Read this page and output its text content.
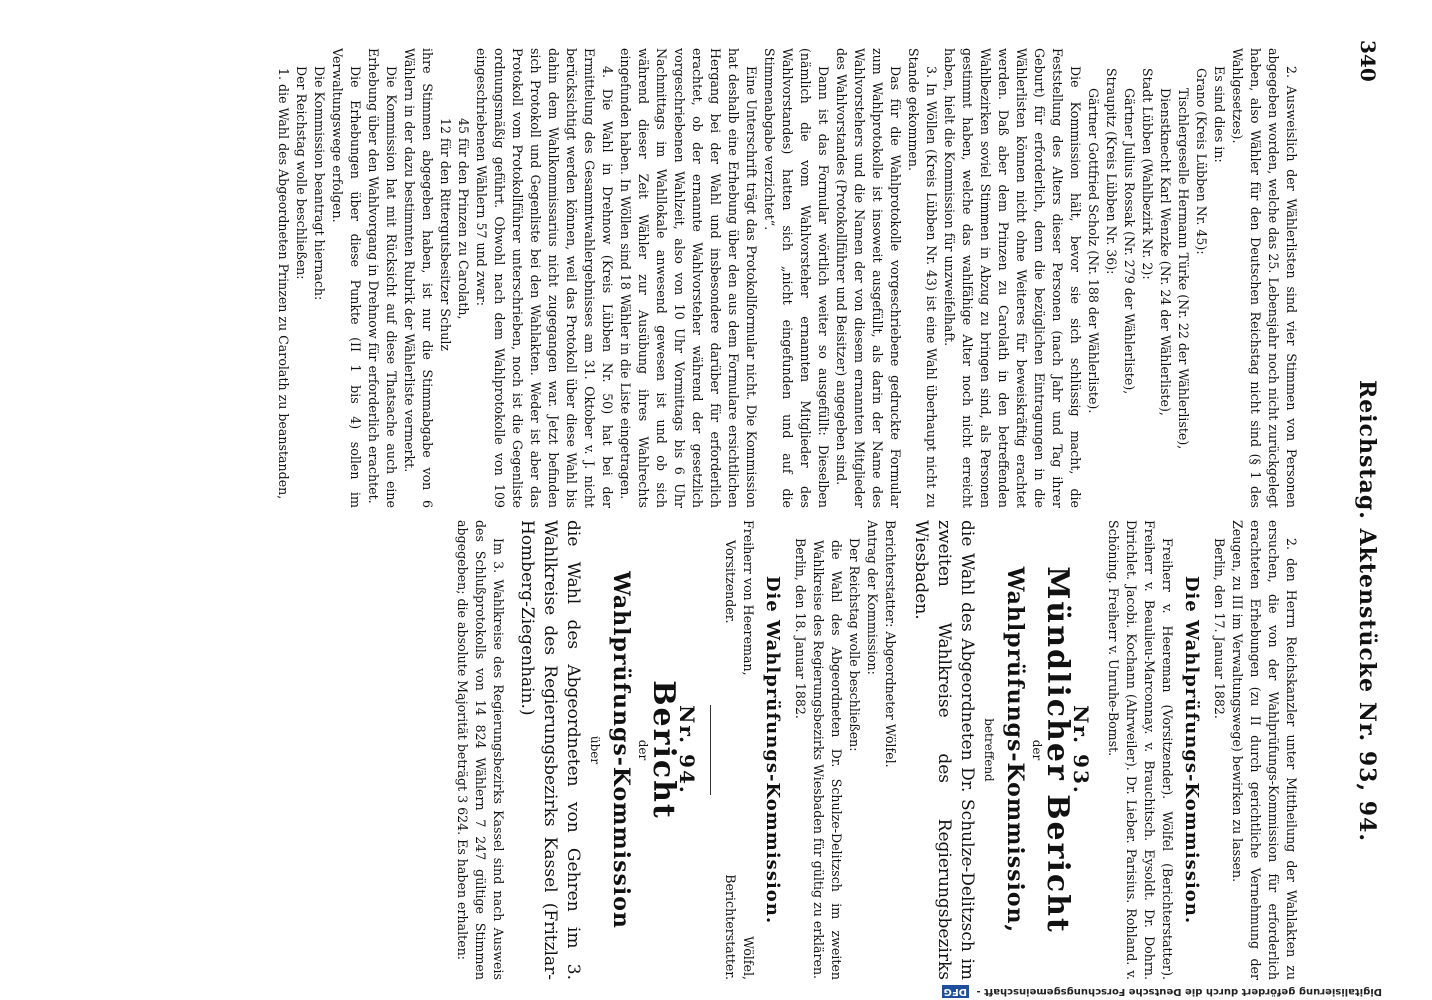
Digitalisierung gefördert durch die Deutsche Forschungsgemeinschaft - DFG
340
Reichstag. Aktenstücke Nr. 93, 94.

2. Ausweislich der Wählerlisten sind vier Stimmen von Personen abgegeben worden, welche das 25. Lebensjahr noch nicht zurückgelegt haben, also Wähler für den Deutschen Reichstag nicht sind (§ 1 des Wahlgesetzes).

Es sind dies in:

Grano (Kreis Lübben Nr. 45):

Tischlergeselle Hermann Türke (Nr. 22 der Wählerliste),

Dienstknecht Karl Wenzke (Nr. 24 der Wählerliste),

Stadt Lübben (Wahlbezirk Nr. 2):

Gärtner Julius Rossak (Nr. 279 der Wählerliste),

Straupitz (Kreis Lübben Nr. 36):

Gärtner Gottfried Scholz (Nr. 188 der Wählerliste).

Die Kommission hält, bevor sie sich schlüssig macht, die Feststellung des Alters dieser Personen (nach Jahr und Tag ihrer Geburt) für erforderlich, denn die bezüglichen Eintragungen in die Wählerlisten können nicht ohne Weiteres für beweiskräftig erachtet werden. Daß aber dem Prinzen zu Carolath in den betreffenden Wahlbezirken soviel Stimmen in Abzug zu bringen sind, als Personen gestimmt haben, welche das wahlfähige Alter noch nicht erreicht haben, hielt die Kommission für unzweifelhaft.

3. In Wöllen (Kreis Lübben Nr. 43) ist eine Wahl überhaupt nicht zu Stande gekommen.

Das für die Wahlprotokolle vorgeschriebene gedruckte Formular zum Wahlprotokolle ist insoweit ausgefüllt, als darin der Name des Wahlvorstehers und die Namen der von diesem ernannten Mitglieder des Wahlvorstandes (Protokollführer und Beisitzer) angegeben sind.

Dann ist das Formular wörtlich weiter so ausgefüllt: Dieselben (nämlich die vom Wahlvorsteher ernannten Mitglieder des Wahlvorstandes) hatten sich „nicht eingefunden und auf die Stimmenabgabe verzichtet“.

Eine Unterschrift trägt das Protokollformular nicht. Die Kommission hat deshalb eine Erhebung über den aus dem Formulare ersichtlichen Hergang bei der Wahl und insbesondere darüber für erforderlich erachtet, ob der ernannte Wahlvorsteher während der gesetzlich vorgeschriebenen Wahlzeit, also von 10 Uhr Vormittags bis 6 Uhr Nachmittags im Wahllokale anwesend gewesen ist und ob sich während dieser Zeit Wähler zur Ausübung ihres Wahlrechts eingefunden haben. In Wöllen sind 18 Wähler in die Liste eingetragen.

4. Die Wahl in Drehnow (Kreis Lübben Nr. 50) hat bei der Ermittelung des Gesammtwahlergebnisses am 31. Oktober v. J. nicht berücksichtigt werden können, weil das Protokoll über diese Wahl bis dahin dem Wahlkommissarius nicht zugegangen war. Jetzt befinden sich Protokoll und Gegenliste bei den Wahlakten. Weder ist aber das Protokoll vom Protokollführer unterschrieben, noch ist die Gegenliste ordnungsmäßig geführt. Obwohl nach dem Wahlprotokolle von 109 eingeschriebenen Wählern 57 und zwar:

45 für den Prinzen zu Carolath,

12 für den Rittergutsbesitzer Schulz

ihre Stimmen abgegeben haben, ist nur die Stimmabgabe von 6 Wählern in der dazu bestimmten Rubrik der Wählerliste vermerkt.

Die Kommission hat mit Rücksicht auf diese Thatsache auch eine Erhebung über den Wahlvorgang in Drehnow für erforderlich erachtet.

Die Erhebungen über diese Punkte (II 1 bis 4) sollen im Verwaltungswege erfolgen.

Die Kommission beantragt hiernach:

Der Reichstag wolle beschließen:

1. die Wahl des Abgeordneten Prinzen zu Carolath zu beanstanden,

2. den Herrn Reichskanzler unter Mittheilung der Wahlakten zu ersuchen, die von der Wahlprüfungs-Kommission für erforderlich erachteten Erhebungen (zu II durch gerichtliche Vernehmung der Zeugen, zu III im Verwaltungswege) bewirken zu lassen.

Berlin, den 17. Januar 1882.

Die Wahlprüfungs-Kommission.

Freiherr v. Heereman (Vorsitzender). Wölfel (Berichterstatter). Freiherr v. Beaulieu-Marconnay. v. Brauchitsch. Eysoldt. Dr. Dohrn. Dirichlet. Jacobi. Kochann (Ahrweiler). Dr. Lieber. Parisius. Rohland. v. Schöning. Freiherr v. Unruhe-Bomst.

Nr. 93.
Mündlicher Bericht
der
Wahlprüfungs-Kommission,
betreffend

die Wahl des Abgeordneten Dr. Schulze-Delitzsch im zweiten Wahlkreise des Regierungsbezirks Wiesbaden.

Berichterstatter: Abgeordneter Wölfel.

Antrag der Kommission:

Der Reichstag wolle beschließen:

die Wahl des Abgeordneten Dr. Schulze-Delitzsch im zweiten Wahlkreise des Regierungsbezirks Wiesbaden für gültig zu erklären.

Berlin, den 18. Januar 1882.

Die Wahlprüfungs-Kommission.
Freiherr von Heereman,
Vorsitzender.
Wölfel,
Berichterstatter.
Nr. 94.
Bericht
der
Wahlprüfungs-Kommission
über

die Wahl des Abgeordneten von Gehren im 3. Wahlkreise des Regierungsbezirks Kassel (Fritzlar-Homberg-Ziegenhain.)

Im 3. Wahlkreise des Regierungsbezirks Kassel sind nach Ausweis des Schlußprotokolls von 14 824 Wählern 7 247 gültige Stimmen abgegeben; die absolute Majorität beträgt 3 624. Es haben erhalten:
